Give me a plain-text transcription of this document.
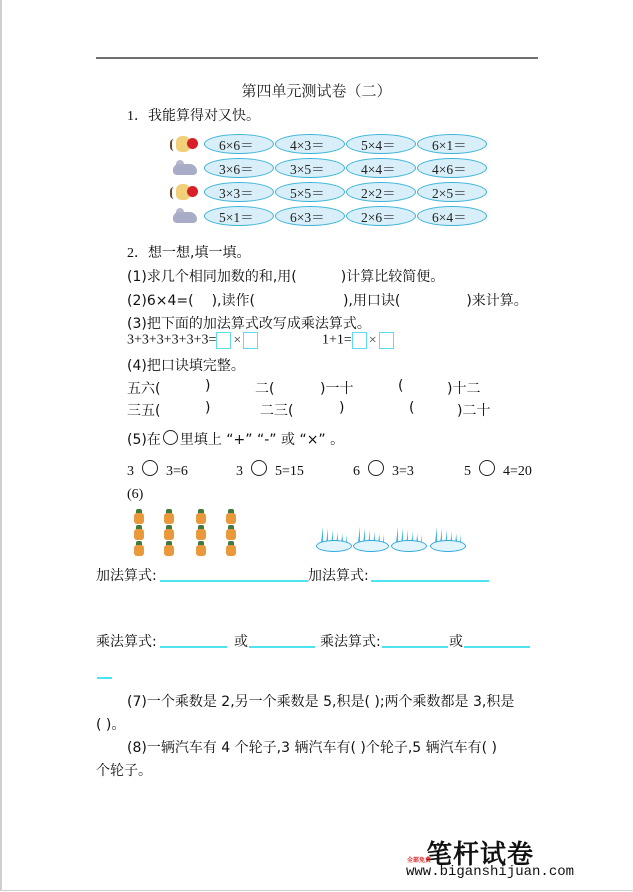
第四单元测试卷（二）
1．我能算得对又快。
6×6＝	4×3＝	5×4＝	6×1＝
3×6＝	3×5＝	4×4＝	4×6＝
3×3＝	5×5＝	2×2＝	2×5＝
5×1＝	6×3＝	2×6＝	6×4＝
2．想一想,填一填。
(1)求几个相同加数的和,用(	)计算比较简便。
(2)6×4=( ),读作(	),用口诀(	)来计算。
(3)把下面的加法算式改写成乘法算式。
3+3+3+3+3+3= ×	1+1= ×
(4)把口诀填完整。
五六(	)	二(	)一十	(	)十二
三五(	)	二三(	)	(	)二十
(5)在 里填上 “+” “-” 或 “×” 。
3 3=6	3 5=15	6 3=3	5 4=20
(6)
加法算式:	加法算式:
乘法算式:	或	乘法算式:	或
(7)一个乘数是 2,另一个乘数是 5,积是( );两个乘数都是 3,积是
( )。
(8)一辆汽车有 4 个轮子,3 辆汽车有( )个轮子,5 辆汽车有( )
个轮子。
笔杆试卷
全部免费
www.biganshijuan.com
